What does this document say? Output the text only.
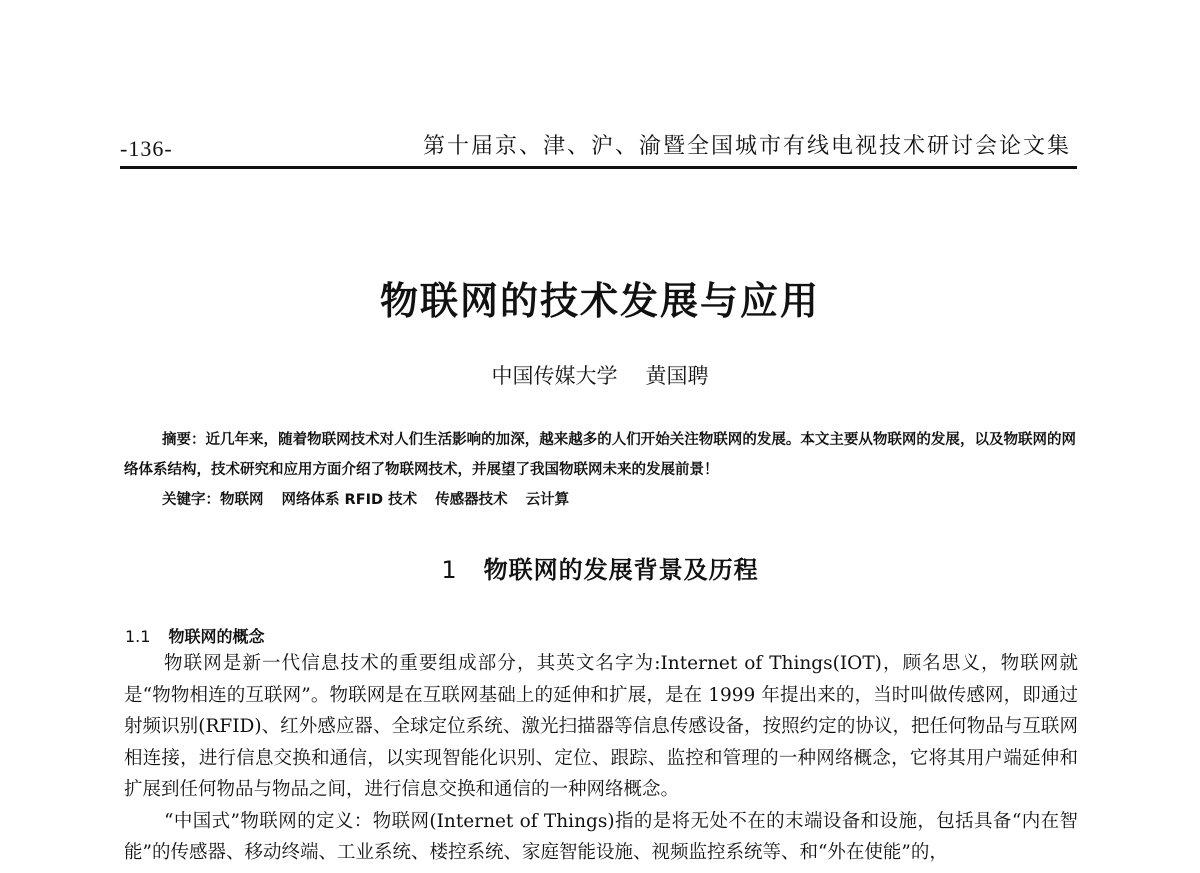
-136-	第十届京、津、沪、渝暨全国城市有线电视技术研讨会论文集
物联网的技术发展与应用
中国传媒大学 黄国聘
摘要：近几年来，随着物联网技术对人们生活影响的加深，越来越多的人们开始关注物联网的发展。本文主要从物联网的发展，以及物联网的网络体系结构，技术研究和应用方面介绍了物联网技术，并展望了我国物联网未来的发展前景！
关键字：物联网 网络体系 RFID 技术 传感器技术 云计算
1 物联网的发展背景及历程
1.1 物联网的概念

物联网是新一代信息技术的重要组成部分，其英文名字为:Internet of Things(IOT)，顾名思义，物联网就是“物物相连的互联网”。物联网是在互联网基础上的延伸和扩展，是在 1999 年提出来的，当时叫做传感网，即通过射频识别(RFID)、红外感应器、全球定位系统、激光扫描器等信息传感设备，按照约定的协议，把任何物品与互联网相连接，进行信息交换和通信，以实现智能化识别、定位、跟踪、监控和管理的一种网络概念，它将其用户端延伸和扩展到任何物品与物品之间，进行信息交换和通信的一种网络概念。

“中国式”物联网的定义：物联网(Internet of Things)指的是将无处不在的末端设备和设施，包括具备“内在智能”的传感器、移动终端、工业系统、楼控系统、家庭智能设施、视频监控系统等、和“外在使能”的，
